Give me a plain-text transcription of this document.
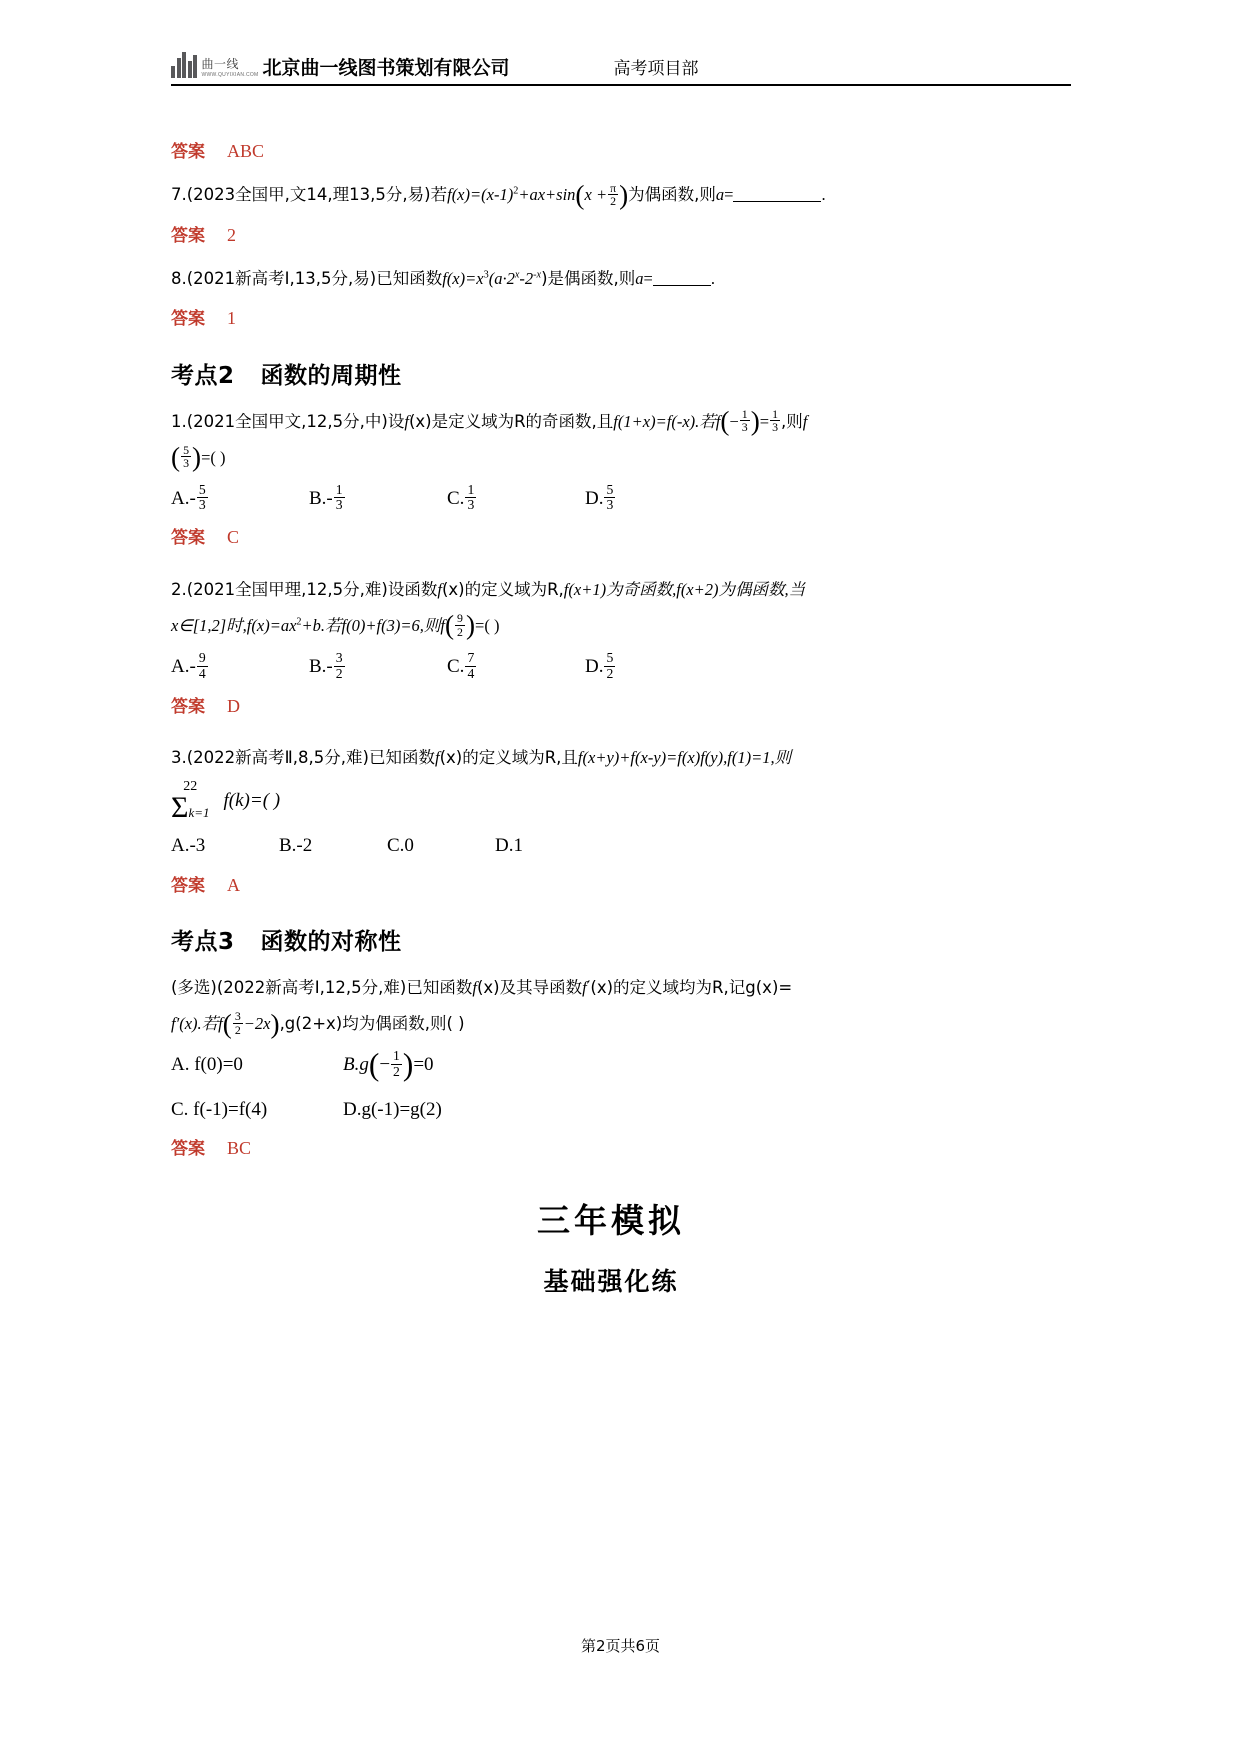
曲一线
WWW.QUYIXIAN.COM 北京曲一线图书策划有限公司	高考项目部
答案 ABC
7.(2023全国甲,文14,理13,5分,易)若$f(x)=(x-1)^2+ax+\sin(x + \frac{\pi}{2}$ )为偶函数,则a=	.
答案 2
8.(2021新高考Ⅰ,13,5分,易)已知函数$f(x)=x^3(a\cdot 2^x-2^{-x})$是偶函数,则a=	.
答案 1
考点2 函数的周期性
1.(2021全国甲文,12,5分,中)设f(x)是定义域为R的奇函数,且f(1+x)=f(-x).若$f(- \frac{1}{3}$ )= $\frac{1}{3}$ ,则f
( $\frac{5}{3}$ )=( )
$A.- \frac{5}{3}$	$B.- \frac{1}{3}$	C. $\frac{1}{3}$	D. $\frac{5}{3}$
答案 C
2.(2021全国甲理,12,5分,难)设函数f(x)的定义域为R,f(x+1)为奇函数,f(x+2)为偶函数,当
x∈[1,2]时$,f(x)=ax^2+b$.若f(0)+f(3)=6,则$f( \frac{9}{2}$ )=( )
$A.- \frac{9}{4}$	$B.- \frac{3}{2}$	C. $\frac{7}{4}$	D. $\frac{5}{2}$
答案 D
3.(2022新高考Ⅱ,8,5分,难)已知函数f(x)的定义域为R,且f(x+y)+f(x-y)=f(x)f(y),f(1)=1,则
22
Σ k=1
f(k)=( )
A.-3	B.-2	C.0	D.1
答案 A
考点3 函数的对称性
(多选)(2022新高考Ⅰ,12,5分,难)已知函数f(x)及其导函数f′(x)的定义域均为R,记g(x)=
f′(x).若$f( \frac{3}{2} -2x),g(2+x)$均为偶函数,则( )
A. f(0)=0	$B.g(- \frac{1}{2} )=0$
C. f(-1)=f(4)	D.g(-1)=g(2)
答案 BC
三年模拟
基础强化练
第2页共6页
